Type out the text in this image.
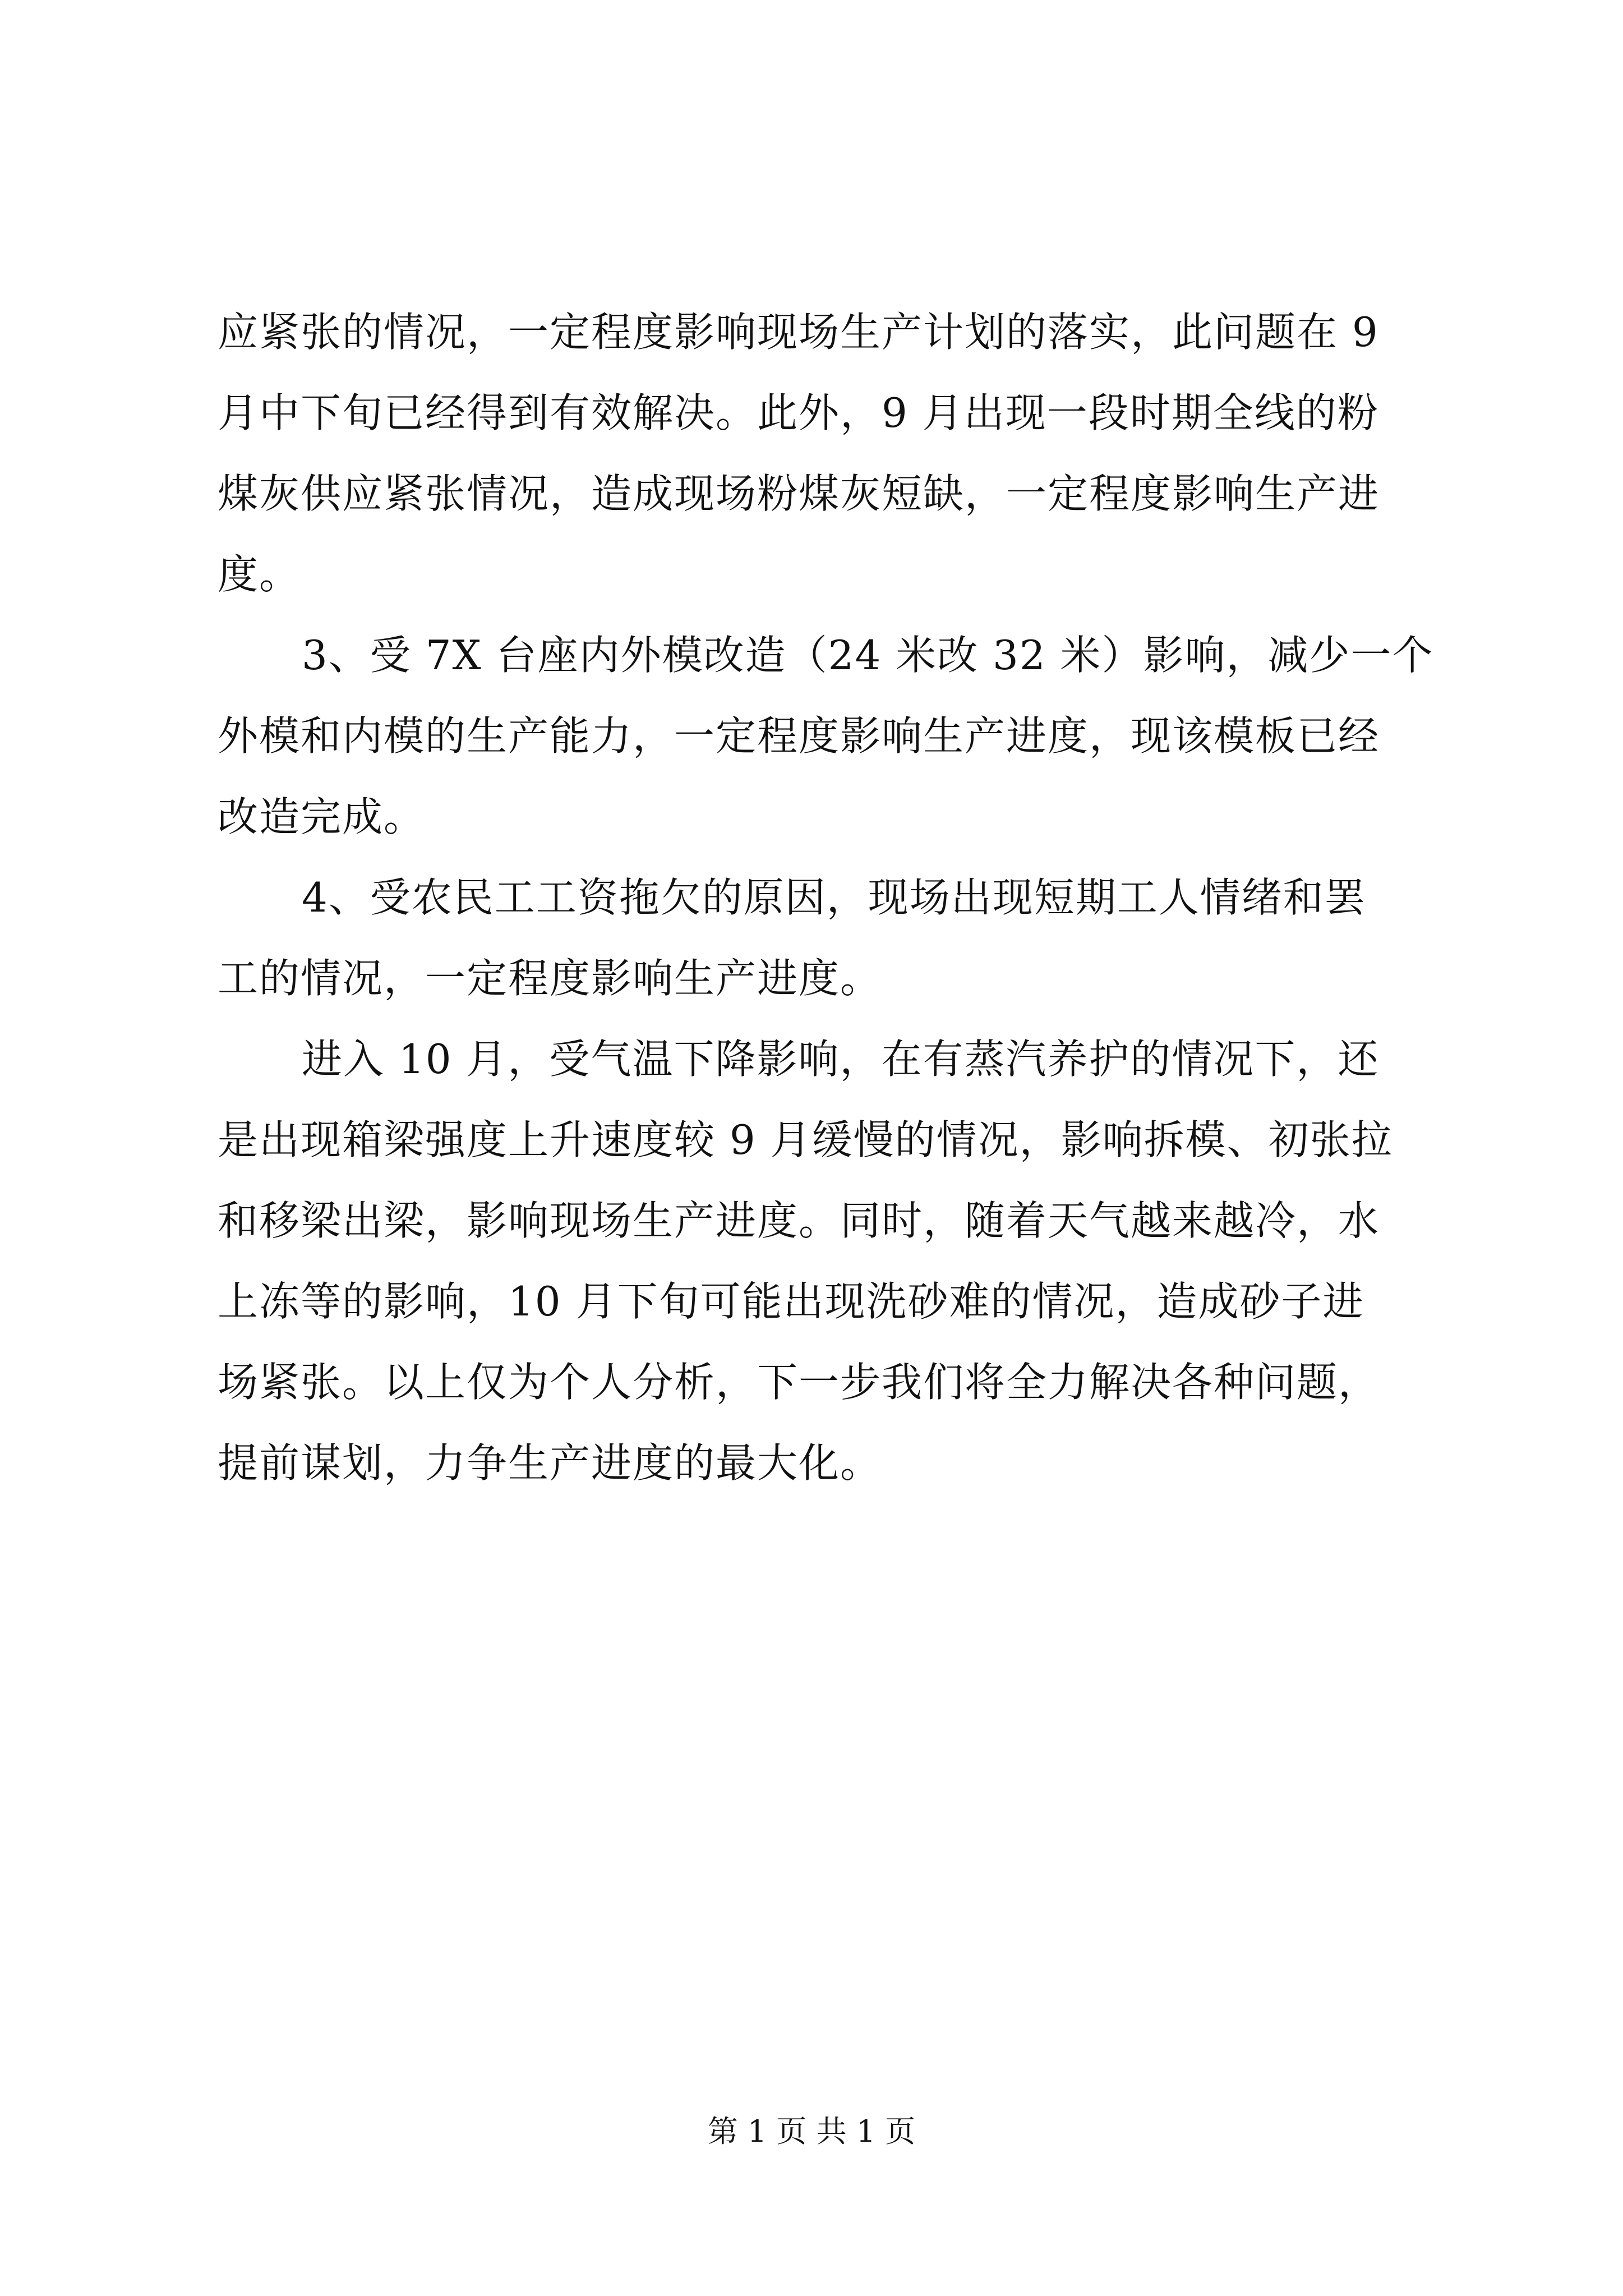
应紧张的情况，一定程度影响现场生产计划的落实，此问题在 9
月中下旬已经得到有效解决。此外，9 月出现一段时期全线的粉
煤灰供应紧张情况，造成现场粉煤灰短缺，一定程度影响生产进
度。
3、受 7X 台座内外模改造（24 米改 32 米）影响，减少一个
外模和内模的生产能力，一定程度影响生产进度，现该模板已经
改造完成。
4、受农民工工资拖欠的原因，现场出现短期工人情绪和罢
工的情况，一定程度影响生产进度。
进入 10 月，受气温下降影响，在有蒸汽养护的情况下，还
是出现箱梁强度上升速度较 9 月缓慢的情况，影响拆模、初张拉
和移梁出梁，影响现场生产进度。同时，随着天气越来越冷，水
上冻等的影响，10 月下旬可能出现洗砂难的情况，造成砂子进
场紧张。以上仅为个人分析，下一步我们将全力解决各种问题，
提前谋划，力争生产进度的最大化。
第 1 页 共 1 页
